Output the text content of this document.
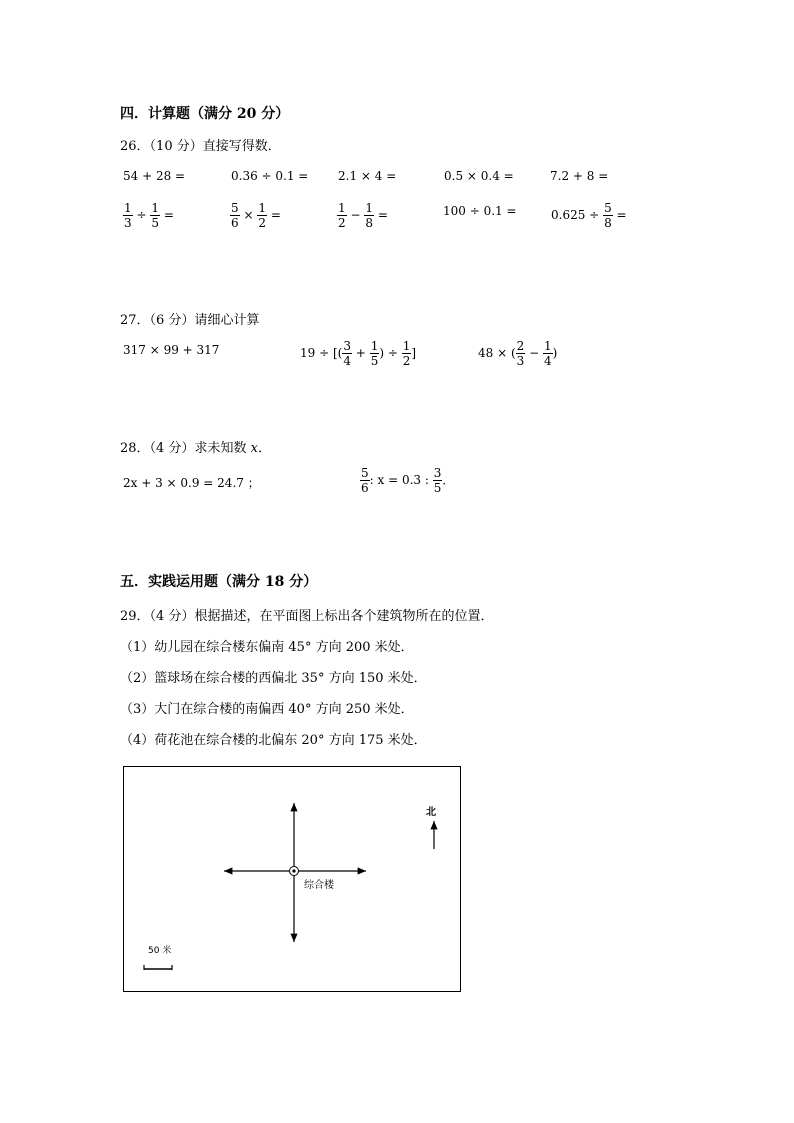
四．计算题（满分 20 分）
26．（10 分）直接写得数．
54 + 28 =	0.36 ÷ 0.1 = 2.1 × 4 =	0.5 × 0.4 =	7.2 + 8 =
$\frac{1}{3} \div \frac{1}{5}$ =	$\frac{5}{6} \times \frac{1}{2}$ =	$\frac{1}{2} - \frac{1}{8}$ =	100 ÷ 0.1 =	$0.625 \div \frac{5}{8}$ =
27．（6 分）请细心计算
317 × 99 + 317	19 ÷ [( $\frac{3}{4} + \frac{1}{5}$ ) ÷ $\frac{1}{2}$ ]	48 × ( $\frac{2}{3} - \frac{1}{4}$ )
28．（4 分）求未知数 x．
2x + 3 × 0.9 = 24.7 ；	$\frac{5}{6}$ : x = 0.3 : $\frac{3}{5}$ ．
五．实践运用题（满分 18 分）
29．（4 分）根据描述，在平面图上标出各个建筑物所在的位置．
（1）幼儿园在综合楼东偏南 45° 方向 200 米处．
（2）篮球场在综合楼的西偏北 35° 方向 150 米处．
（3）大门在综合楼的南偏西 40° 方向 250 米处．
（4）荷花池在综合楼的北偏东 20° 方向 175 米处．
综合楼
北
50 米
